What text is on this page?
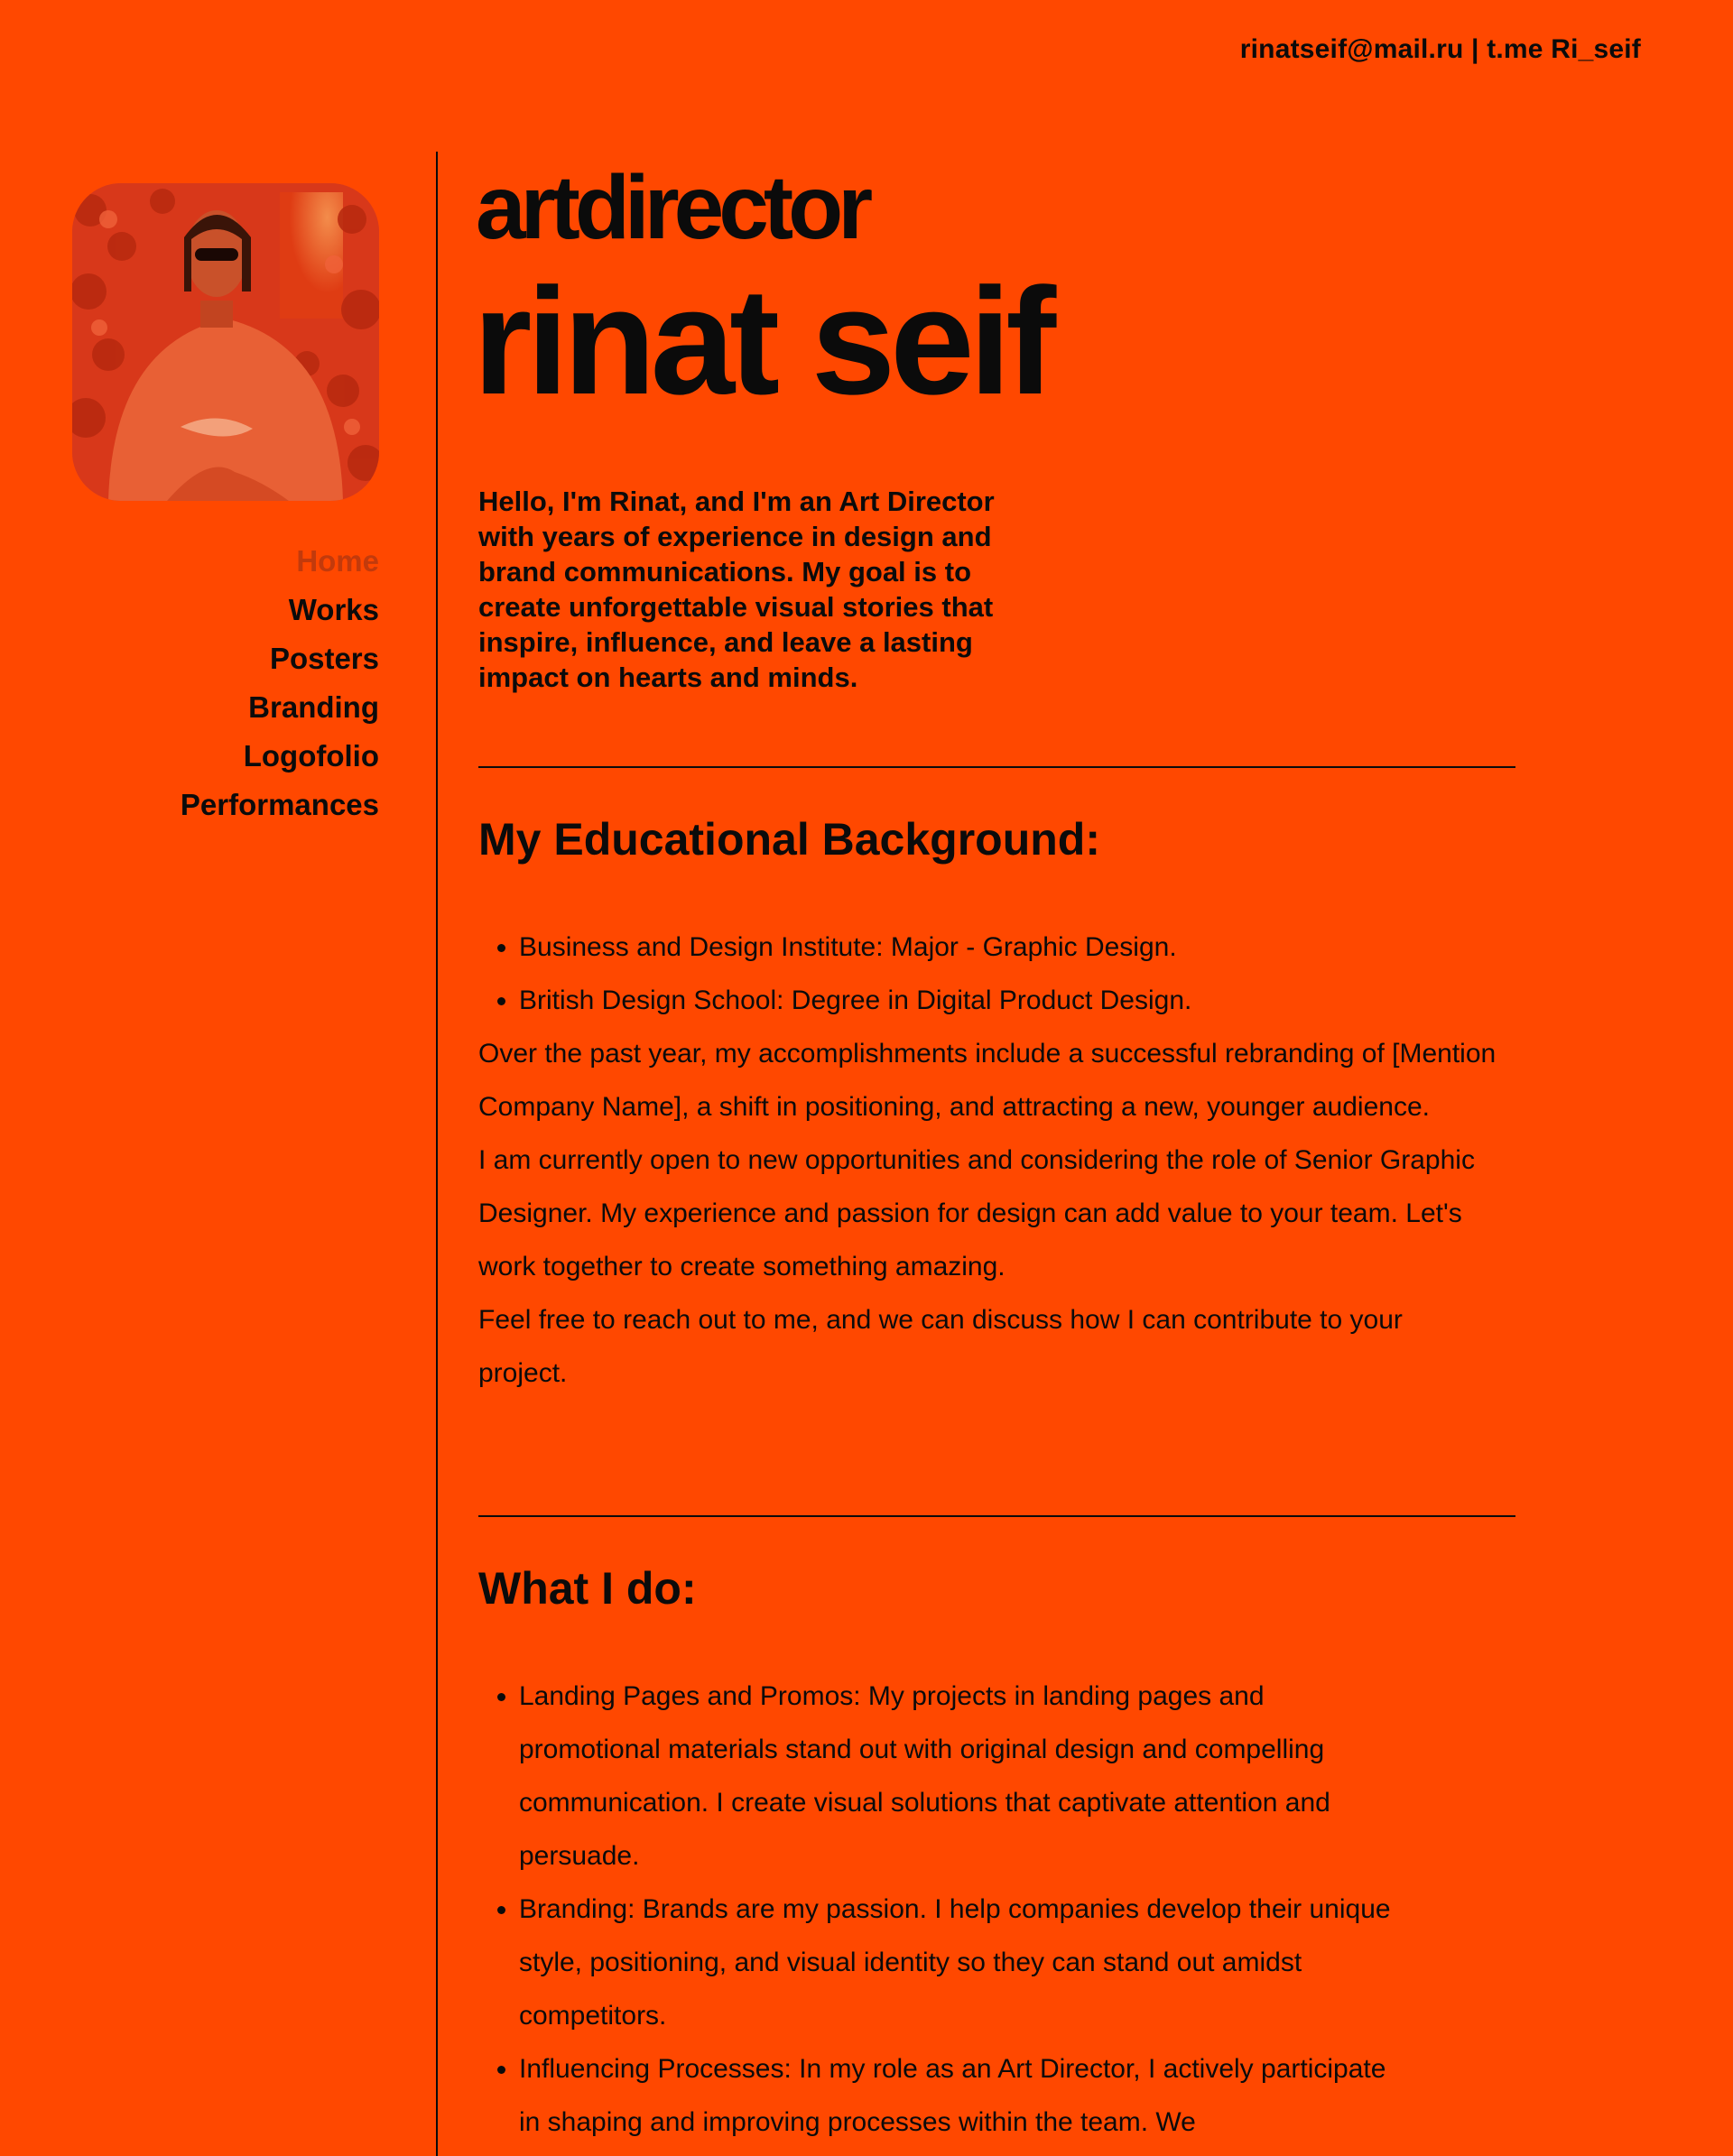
rinatseif@mail.ru | t.me Ri_seif
Home
Works
Posters
Branding
Logofolio
Performances
artdirector
rinat seif

Hello, I'm Rinat, and I'm an Art Director with years of experience in design and brand communications. My goal is to create unforgettable visual stories that inspire, influence, and leave a lasting impact on hearts and minds.

My Educational Background:
• Business and Design Institute: Major - Graphic Design.
• British Design School: Degree in Digital Product Design.

Over the past year, my accomplishments include a successful rebranding of [Mention Company Name], a shift in positioning, and attracting a new, younger audience.

I am currently open to new opportunities and considering the role of Senior Graphic Designer. My experience and passion for design can add value to your team. Let's work together to create something amazing.

Feel free to reach out to me, and we can discuss how I can contribute to your project.

What I do:
• Landing Pages and Promos: My projects in landing pages and promotional materials stand out with original design and compelling communication. I create visual solutions that captivate attention and persuade.
• Branding: Brands are my passion. I help companies develop their unique style, positioning, and visual identity so they can stand out amidst competitors.
• Influencing Processes: In my role as an Art Director, I actively participate in shaping and improving processes within the team. We
